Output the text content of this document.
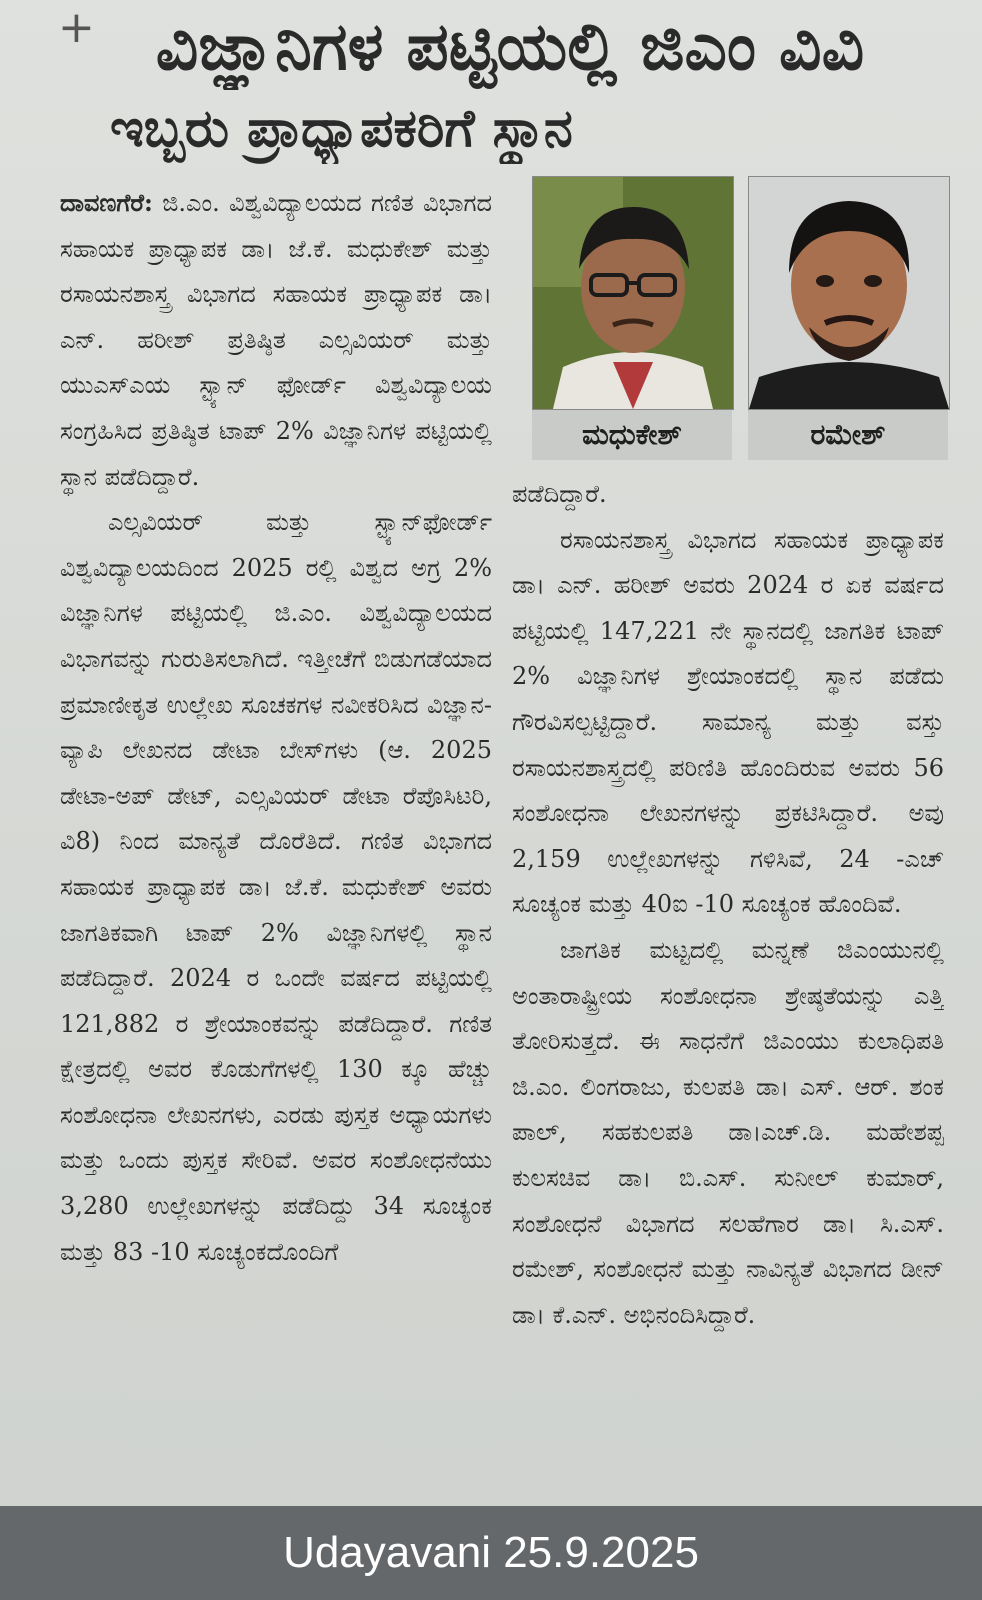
+ ವಿಜ್ಞಾನಿಗಳ ಪಟ್ಟಿಯಲ್ಲಿ ಜಿಎಂ ವಿವಿ
ಇಬ್ಬರು ಪ್ರಾಧ್ಯಾಪಕರಿಗೆ ಸ್ಥಾನ

ದಾವಣಗೆರೆ: ಜಿ.ಎಂ. ವಿಶ್ವವಿದ್ಯಾಲಯದ ಗಣಿತ ವಿಭಾಗದ ಸಹಾಯಕ ಪ್ರಾಧ್ಯಾಪಕ ಡಾ। ಜೆ.ಕೆ. ಮಧುಕೇಶ್ ಮತ್ತು ರಸಾಯನಶಾಸ್ತ್ರ ವಿಭಾಗದ ಸಹಾಯಕ ಪ್ರಾಧ್ಯಾಪಕ ಡಾ। ಎನ್. ಹರೀಶ್ ಪ್ರತಿಷ್ಠಿತ ಎಲ್ಸವಿಯರ್ ಮತ್ತು ಯುಎಸ್‌ಎಯ ಸ್ಟ್ಯಾನ್ ಫೋರ್ಡ್ ವಿಶ್ವವಿದ್ಯಾಲಯ ಸಂಗ್ರಹಿಸಿದ ಪ್ರತಿಷ್ಠಿತ ಟಾಪ್ 2% ವಿಜ್ಞಾನಿಗಳ ಪಟ್ಟಿಯಲ್ಲಿ ಸ್ಥಾನ ಪಡೆದಿದ್ದಾರೆ.

ಎಲ್ಸವಿಯರ್ ಮತ್ತು ಸ್ಟ್ಯಾನ್‌ಫೋರ್ಡ್ ವಿಶ್ವವಿದ್ಯಾಲಯದಿಂದ 2025 ರಲ್ಲಿ ವಿಶ್ವದ ಅಗ್ರ 2% ವಿಜ್ಞಾನಿಗಳ ಪಟ್ಟಿಯಲ್ಲಿ ಜಿ.ಎಂ. ವಿಶ್ವವಿದ್ಯಾಲಯದ ವಿಭಾಗವನ್ನು ಗುರುತಿಸಲಾಗಿದೆ. ಇತ್ತೀಚೆಗೆ ಬಿಡುಗಡೆಯಾದ ಪ್ರಮಾಣೀಕೃತ ಉಲ್ಲೇಖ ಸೂಚಕಗಳ ನವೀಕರಿಸಿದ ವಿಜ್ಞಾನ-ವ್ಯಾಪಿ ಲೇಖನದ ಡೇಟಾ ಬೇಸ್‌ಗಳು (ಆ. 2025 ಡೇಟಾ-ಅಪ್ ಡೇಟ್, ಎಲ್ಸವಿಯರ್ ಡೇಟಾ ರೆಪೊಸಿಟರಿ, ವಿ8) ನಿಂದ ಮಾನ್ಯತೆ ದೊರೆತಿದೆ. ಗಣಿತ ವಿಭಾಗದ ಸಹಾಯಕ ಪ್ರಾಧ್ಯಾಪಕ ಡಾ। ಜೆ.ಕೆ. ಮಧುಕೇಶ್ ಅವರು ಜಾಗತಿಕವಾಗಿ ಟಾಪ್ 2% ವಿಜ್ಞಾನಿಗಳಲ್ಲಿ ಸ್ಥಾನ ಪಡೆದಿದ್ದಾರೆ. 2024 ರ ಒಂದೇ ವರ್ಷದ ಪಟ್ಟಿಯಲ್ಲಿ 121,882 ರ ಶ್ರೇಯಾಂಕವನ್ನು ಪಡೆದಿದ್ದಾರೆ. ಗಣಿತ ಕ್ಷೇತ್ರದಲ್ಲಿ ಅವರ ಕೊಡುಗೆಗಳಲ್ಲಿ 130 ಕ್ಕೂ ಹೆಚ್ಚು ಸಂಶೋಧನಾ ಲೇಖನಗಳು, ಎರಡು ಪುಸ್ತಕ ಅಧ್ಯಾಯಗಳು ಮತ್ತು ಒಂದು ಪುಸ್ತಕ ಸೇರಿವೆ. ಅವರ ಸಂಶೋಧನೆಯು 3,280 ಉಲ್ಲೇಖಗಳನ್ನು ಪಡೆದಿದ್ದು 34 ಸೂಚ್ಯಂಕ ಮತ್ತು 83 -10 ಸೂಚ್ಯಂಕದೊಂದಿಗೆ

ಮಧುಕೇಶ್	ರಮೇಶ್

ಪಡೆದಿದ್ದಾರೆ.

ರಸಾಯನಶಾಸ್ತ್ರ ವಿಭಾಗದ ಸಹಾಯಕ ಪ್ರಾಧ್ಯಾಪಕ ಡಾ। ಎನ್. ಹರೀಶ್ ಅವರು 2024 ರ ಏಕ ವರ್ಷದ ಪಟ್ಟಿಯಲ್ಲಿ 147,221 ನೇ ಸ್ಥಾನದಲ್ಲಿ ಜಾಗತಿಕ ಟಾಪ್ 2% ವಿಜ್ಞಾನಿಗಳ ಶ್ರೇಯಾಂಕದಲ್ಲಿ ಸ್ಥಾನ ಪಡೆದು ಗೌರವಿಸಲ್ಪಟ್ಟಿದ್ದಾರೆ. ಸಾಮಾನ್ಯ ಮತ್ತು ವಸ್ತು ರಸಾಯನಶಾಸ್ತ್ರದಲ್ಲಿ ಪರಿಣಿತಿ ಹೊಂದಿರುವ ಅವರು 56 ಸಂಶೋಧನಾ ಲೇಖನಗಳನ್ನು ಪ್ರಕಟಿಸಿದ್ದಾರೆ. ಅವು 2,159 ಉಲ್ಲೇಖಗಳನ್ನು ಗಳಿಸಿವೆ, 24 -ಎಚ್ ಸೂಚ್ಯಂಕ ಮತ್ತು 40ಐ -10 ಸೂಚ್ಯಂಕ ಹೊಂದಿವೆ.

ಜಾಗತಿಕ ಮಟ್ಟದಲ್ಲಿ ಮನ್ನಣೆ ಜಿಎಂಯುನಲ್ಲಿ ಅಂತಾರಾಷ್ಟ್ರೀಯ ಸಂಶೋಧನಾ ಶ್ರೇಷ್ಠತೆಯನ್ನು ಎತ್ತಿ ತೋರಿಸುತ್ತದೆ. ಈ ಸಾಧನೆಗೆ ಜಿಎಂಯು ಕುಲಾಧಿಪತಿ ಜಿ.ಎಂ. ಲಿಂಗರಾಜು, ಕುಲಪತಿ ಡಾ। ಎಸ್. ಆರ್. ಶಂಕ ಪಾಲ್, ಸಹಕುಲಪತಿ ಡಾ।ಎಚ್.ಡಿ. ಮಹೇಶಪ್ಪ ಕುಲಸಚಿವ ಡಾ। ಬಿ.ಎಸ್. ಸುನೀಲ್ ಕುಮಾರ್, ಸಂಶೋಧನೆ ವಿಭಾಗದ ಸಲಹೆಗಾರ ಡಾ। ಸಿ.ಎಸ್. ರಮೇಶ್, ಸಂಶೋಧನೆ ಮತ್ತು ನಾವಿನ್ಯತೆ ವಿಭಾಗದ ಡೀನ್ ಡಾ। ಕೆ.ಎನ್. ಅಭಿನಂದಿಸಿದ್ದಾರೆ.

Udayavani 25.9.2025
